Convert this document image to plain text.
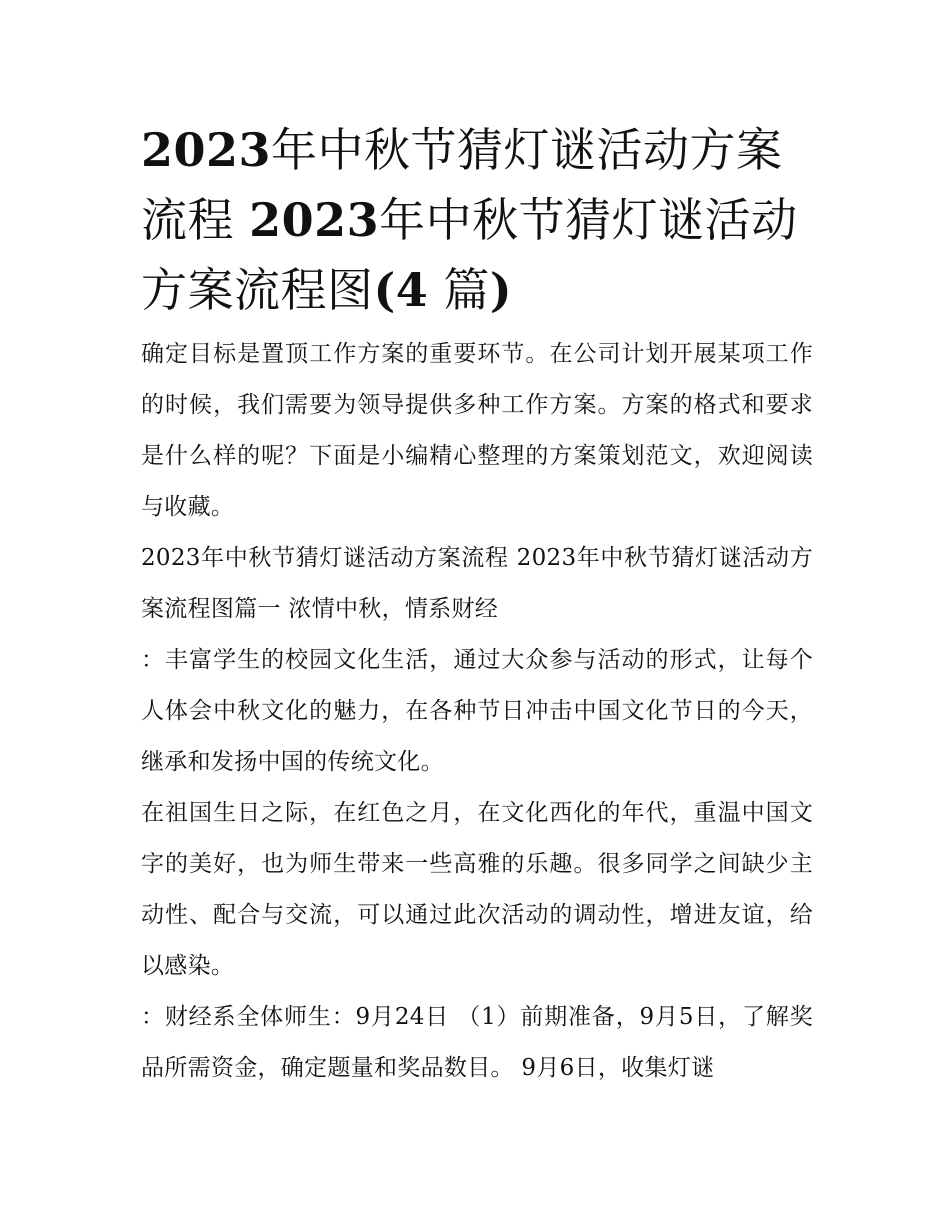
2023年中秋节猜灯谜活动方案流程 2023年中秋节猜灯谜活动方案流程图(4 篇)

确定目标是置顶工作方案的重要环节。在公司计划开展某项工作的时候，我们需要为领导提供多种工作方案。方案的格式和要求是什么样的呢？下面是小编精心整理的方案策划范文，欢迎阅读与收藏。

2023年中秋节猜灯谜活动方案流程 2023年中秋节猜灯谜活动方案流程图篇一 浓情中秋，情系财经

：丰富学生的校园文化生活，通过大众参与活动的形式，让每个人体会中秋文化的魅力，在各种节日冲击中国文化节日的今天，继承和发扬中国的传统文化。

在祖国生日之际，在红色之月，在文化西化的年代，重温中国文字的美好，也为师生带来一些高雅的乐趣。很多同学之间缺少主动性、配合与交流，可以通过此次活动的调动性，增进友谊，给以感染。

：财经系全体师生：9月24日 （1）前期准备，9月5日，了解奖品所需资金，确定题量和奖品数目。 9月6日，收集灯谜
